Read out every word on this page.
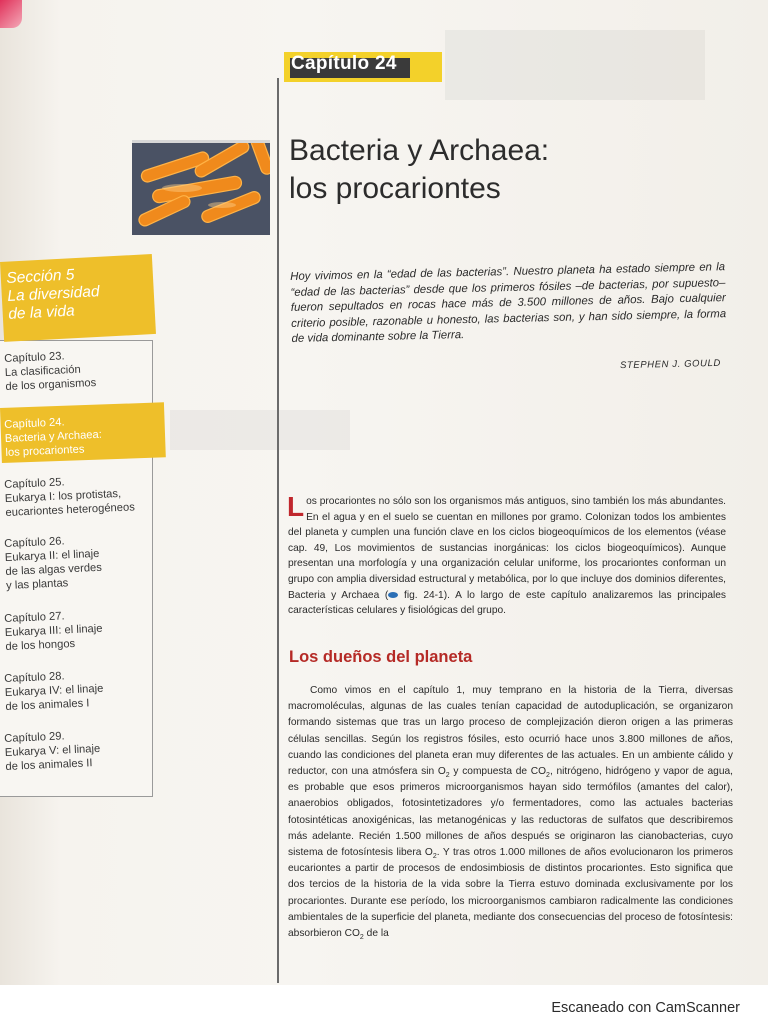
Capítulo 24
Bacteria y Archaea:
los procariontes
Hoy vivimos en la “edad de las bacterias”. Nuestro planeta ha estado siempre en la “edad de las bacterias” desde que los primeros fósiles –de bacterias, por supuesto– fueron sepultados en rocas hace más de 3.500 millones de años. Bajo cualquier criterio posible, razonable u honesto, las bacterias son, y han sido siempre, la forma de vida dominante sobre la Tierra.
STEPHEN J. GOULD
Sección 5
La diversidad
de la vida
Capítulo 23.
La clasificación
de los organismos
Capítulo 24.
Bacteria y Archaea:
los procariontes
Capítulo 25.
Eukarya I: los protistas,
eucariontes heterogéneos
Capítulo 26.
Eukarya II: el linaje
de las algas verdes
y las plantas
Capítulo 27.
Eukarya III: el linaje
de los hongos
Capítulo 28.
Eukarya IV: el linaje
de los animales I
Capítulo 29.
Eukarya V: el linaje
de los animales II
Los procariontes no sólo son los organismos más antiguos, sino también los más abundantes. En el agua y en el suelo se cuentan en millones por gramo. Colonizan todos los ambientes del planeta y cumplen una función clave en los ciclos biogeoquímicos de los elementos (véase cap. 49, Los movimientos de sustancias inorgánicas: los ciclos biogeoquímicos). Aunque presentan una morfología y una organización celular uniforme, los procariontes conforman un grupo con amplia diversidad estructural y metabólica, por lo que incluye dos dominios diferentes, Bacteria y Archaea ( fig. 24-1). A lo largo de este capítulo analizaremos las principales características celulares y fisiológicas del grupo.
Los dueños del planeta
Como vimos en el capítulo 1, muy temprano en la historia de la Tierra, diversas macromoléculas, algunas de las cuales tenían capacidad de autoduplicación, se organizaron formando sistemas que tras un largo proceso de complejización dieron origen a las primeras células sencillas. Según los registros fósiles, esto ocurrió hace unos 3.800 millones de años, cuando las condiciones del planeta eran muy diferentes de las actuales. En un ambiente cálido y reductor, con una atmósfera $\sin O_2$ y compuesta de $CO_2$, nitrógeno, hidrógeno y vapor de agua, es probable que esos primeros microorganismos hayan sido termófilos (amantes del calor), anaerobios obligados, fotosintetizadores y/o fermentadores, como las actuales bacterias fotosintéticas anoxigénicas, las metanogénicas y las reductoras de sulfatos que describiremos más adelante. Recién 1.500 millones de años después se originaron las cianobacterias, cuyo sistema de fotosíntesis libera $O_2$. Y tras otros 1.000 millones de años evolucionaron los primeros eucariontes a partir de procesos de endosimbiosis de distintos procariontes. Esto significa que dos tercios de la historia de la vida sobre la Tierra estuvo dominada exclusivamente por los procariontes. Durante ese período, los microorganismos cambiaron radicalmente las condiciones ambientales de la superficie del planeta, mediante dos consecuencias del proceso de fotosíntesis: absorbieron $CO_2$ de la
Escaneado con CamScanner
